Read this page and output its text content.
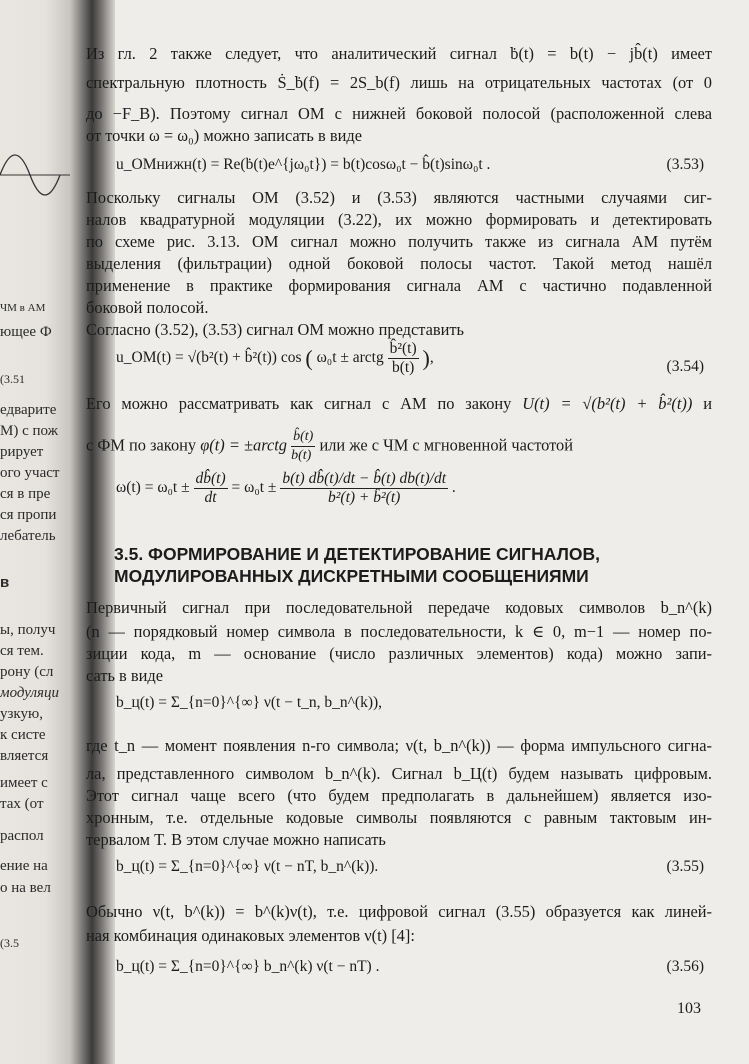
ЧМ в АМ
ющее Ф
(3.51
едварите
М) с пож
рирует
ого участ
ся в пре
ся пропи
лебатель
в
ы, получ
ся тем.
рону (сл
модуляци
узкую,
к систе
вляется
имеет с
тах (от
распол
ение на
о на вел
(3.5
Из гл. 2 также следует, что аналитический сигнал ḃ(t) = b(t) − jb̂(t) имеет
спектральную плотность Ṡ_ḃ(f) = 2S_b(f) лишь на отрицательных частотах (от 0
до −F_B). Поэтому сигнал ОМ с нижней боковой полосой (расположенной слева
от точки ω = ω₀) можно записать в виде
u_ОМнижн(t) = Re(ḃ(t)e^{jω₀t}) = b(t)cosω₀t − b̂(t)sinω₀t .	(3.53)
Поскольку сигналы ОМ (3.52) и (3.53) являются частными случаями сиг-
налов квадратурной модуляции (3.22), их можно формировать и детектировать
по схеме рис. 3.13. ОМ сигнал можно получить также из сигнала АМ путём
выделения (фильтрации) одной боковой полосы частот. Такой метод нашёл
применение в практике формирования сигнала АМ с частично подавленной
боковой полосой.
Согласно (3.52), (3.53) сигнал ОМ можно представить
u_ОМ(t) = √(b²(t) + b̂²(t)) cos ( ω₀t ± arctg $\frac{\text{b̂²(t)}}{b(t)}$ ),
(3.54)
Его можно рассматривать как сигнал с АМ по закону U(t) = √(b²(t) + b̂²(t)) и
с ФМ по закону φ(t) = ±arctg $\frac{b̂(t)}{b(t)}$ или же с ЧМ с мгновенной частотой
$\omega(t) = \omega_0t \pm \frac{db̂(t)}{dt} = \omega_0t \pm \frac{b(t) db̂(t)/dt - b̂(t) db(t)/dt}{\text{b²(t) + b̂²(t)}}$ .
3.5. ФОРМИРОВАНИЕ И ДЕТЕКТИРОВАНИЕ СИГНАЛОВ,
МОДУЛИРОВАННЫХ ДИСКРЕТНЫМИ СООБЩЕНИЯМИ
Первичный сигнал при последовательной передаче кодовых символов b_n^(k)
(n — порядковый номер символа в последовательности, k ∈ 0, m−1 — номер по-
зиции кода, m — основание (число различных элементов) кода) можно запи-
сать в виде
b_ц(t) = Σ_{n=0}^{∞} ν(t − t_n, b_n^(k)),
где t_n — момент появления n-го символа; ν(t, b_n^(k)) — форма импульсного сигна-
ла, представленного символом b_n^(k). Сигнал b_Ц(t) будем называть цифровым.
Этот сигнал чаще всего (что будем предполагать в дальнейшем) является изо-
хронным, т.е. отдельные кодовые символы появляются с равным тактовым ин-
тервалом T. В этом случае можно написать
b_ц(t) = Σ_{n=0}^{∞} ν(t − nT, b_n^(k)).	(3.55)
Обычно ν(t, b^(k)) = b^(k)ν(t), т.е. цифровой сигнал (3.55) образуется как линей-
ная комбинация одинаковых элементов ν(t) [4]:
b_ц(t) = Σ_{n=0}^{∞} b_n^(k) ν(t − nT) .	(3.56)
103
